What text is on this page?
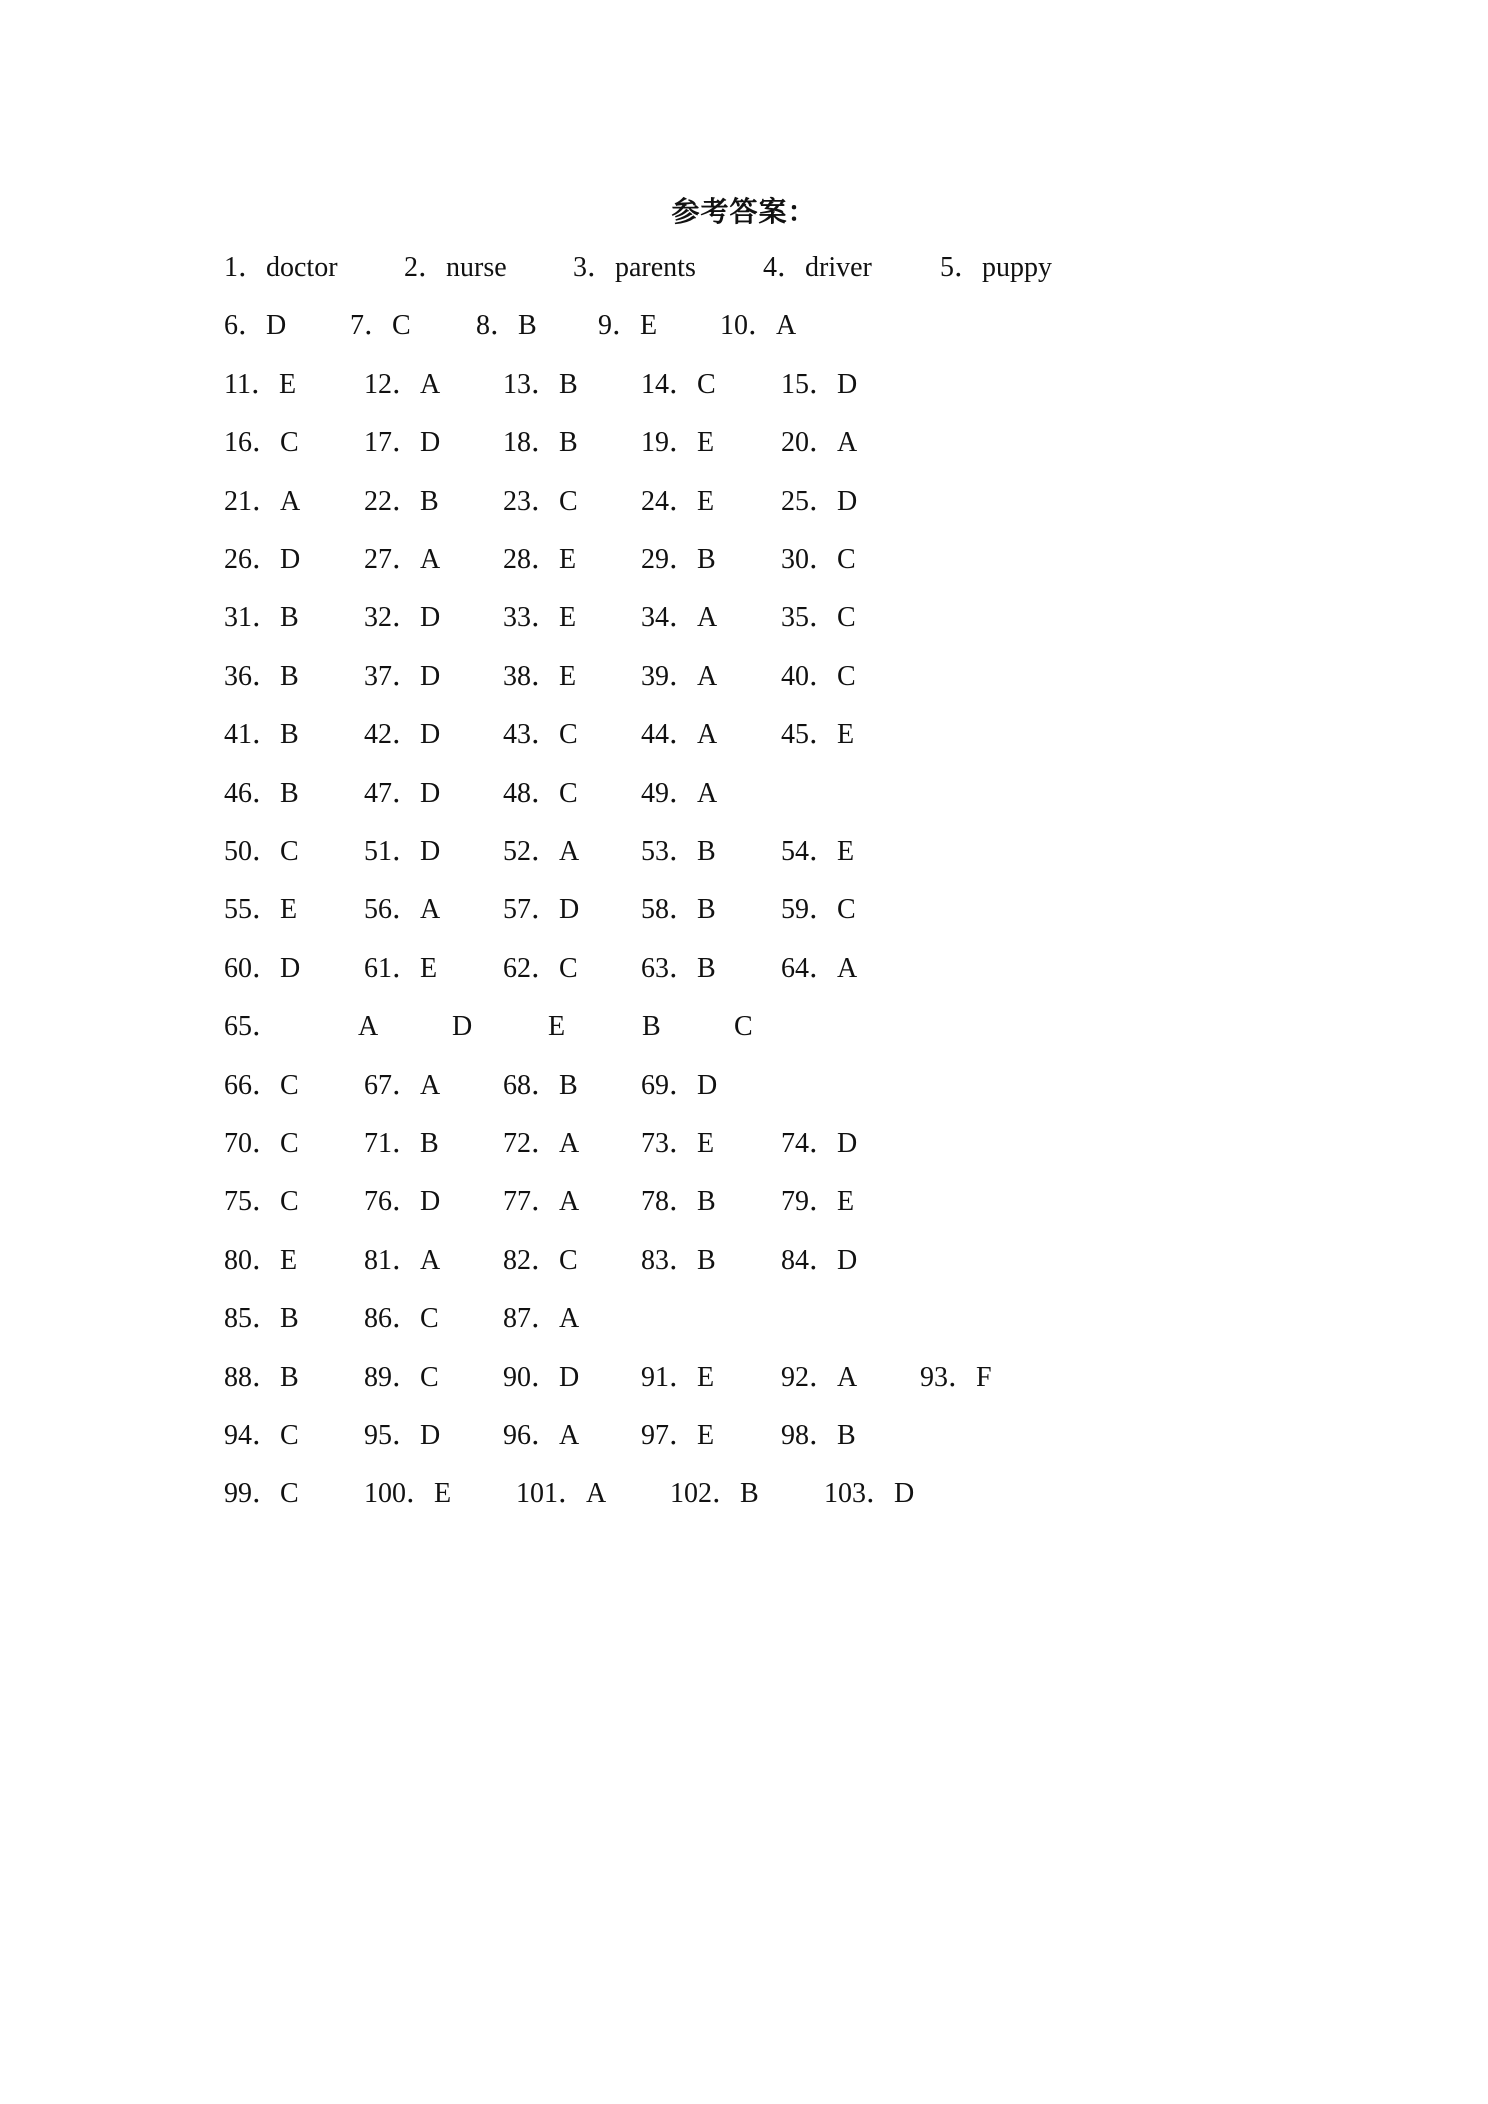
参考答案：
1．doctor 2．nurse 3．parents 4．driver 5．puppy
6．D 7．C 8．B 9．E 10．A
11．E 12．A 13．B 14．C 15．D
16．C 17．D 18．B 19．E 20．A
21．A 22．B 23．C 24．E 25．D
26．D 27．A 28．E 29．B 30．C
31．B 32．D 33．E 34．A 35．C
36．B 37．D 38．E 39．A 40．C
41．B 42．D 43．C 44．A 45．E
46．B 47．D 48．C 49．A
50．C 51．D 52．A 53．B 54．E
55．E 56．A 57．D 58．B 59．C
60．D 61．E 62．C 63．B 64．A
65．	A	D	E	B	C
66．C 67．A 68．B 69．D
70．C 71．B 72．A 73．E 74．D
75．C 76．D 77．A 78．B 79．E
80．E 81．A 82．C 83．B 84．D
85．B 86．C 87．A
88．B 89．C 90．D 91．E 92．A 93．F
94．C 95．D 96．A 97．E 98．B
99．C 100．E 101．A 102．B 103．D
